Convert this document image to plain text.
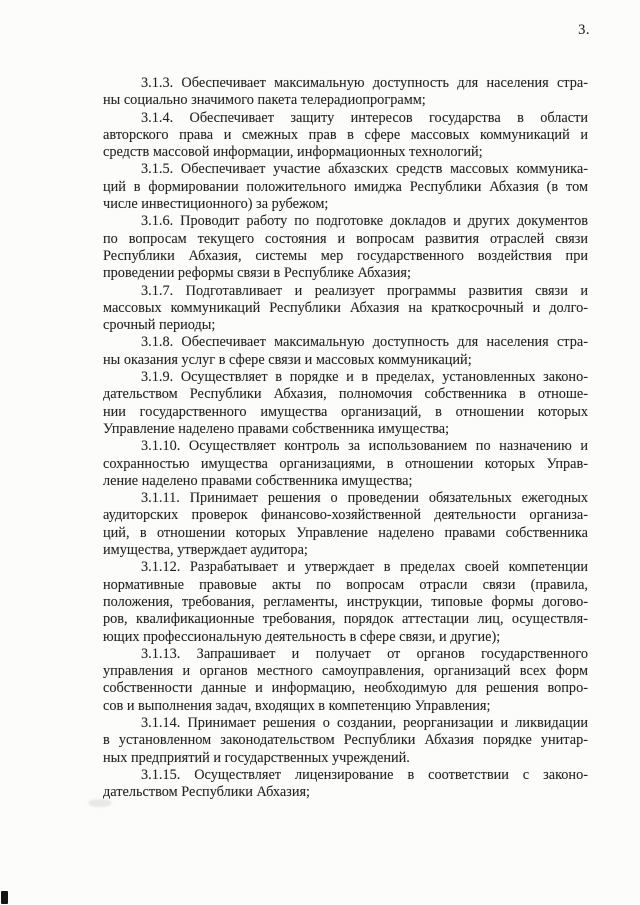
3.
3.1.3. Обеспечивает максимальную доступность для населения стра-
ны социально значимого пакета телерадиопрограмм;
3.1.4. Обеспечивает защиту интересов государства в области
авторского права и смежных прав в сфере массовых коммуникаций и
средств массовой информации, информационных технологий;
3.1.5. Обеспечивает участие абхазских средств массовых коммуника-
ций в формировании положительного имиджа Республики Абхазия (в том
числе инвестиционного) за рубежом;
3.1.6. Проводит работу по подготовке докладов и других документов
по вопросам текущего состояния и вопросам развития отраслей связи
Республики Абхазия, системы мер государственного воздействия при
проведении реформы связи в Республике Абхазия;
3.1.7. Подготавливает и реализует программы развития связи и
массовых коммуникаций Республики Абхазия на краткосрочный и долго-
срочный периоды;
3.1.8. Обеспечивает максимальную доступность для населения стра-
ны оказания услуг в сфере связи и массовых коммуникаций;
3.1.9. Осуществляет в порядке и в пределах, установленных законо-
дательством Республики Абхазия, полномочия собственника в отноше-
нии государственного имущества организаций, в отношении которых
Управление наделено правами собственника имущества;
3.1.10. Осуществляет контроль за использованием по назначению и
сохранностью имущества организациями, в отношении которых Управ-
ление наделено правами собственника имущества;
3.1.11. Принимает решения о проведении обязательных ежегодных
аудиторских проверок финансово-хозяйственной деятельности организа-
ций, в отношении которых Управление наделено правами собственника
имущества, утверждает аудитора;
3.1.12. Разрабатывает и утверждает в пределах своей компетенции
нормативные правовые акты по вопросам отрасли связи (правила,
положения, требования, регламенты, инструкции, типовые формы догово-
ров, квалификационные требования, порядок аттестации лиц, осуществля-
ющих профессиональную деятельность в сфере связи, и другие);
3.1.13. Запрашивает и получает от органов государственного
управления и органов местного самоуправления, организаций всех форм
собственности данные и информацию, необходимую для решения вопро-
сов и выполнения задач, входящих в компетенцию Управления;
3.1.14. Принимает решения о создании, реорганизации и ликвидации
в установленном законодательством Республики Абхазия порядке унитар-
ных предприятий и государственных учреждений.
3.1.15. Осуществляет лицензирование в соответствии с законо-
дательством Республики Абхазия;
